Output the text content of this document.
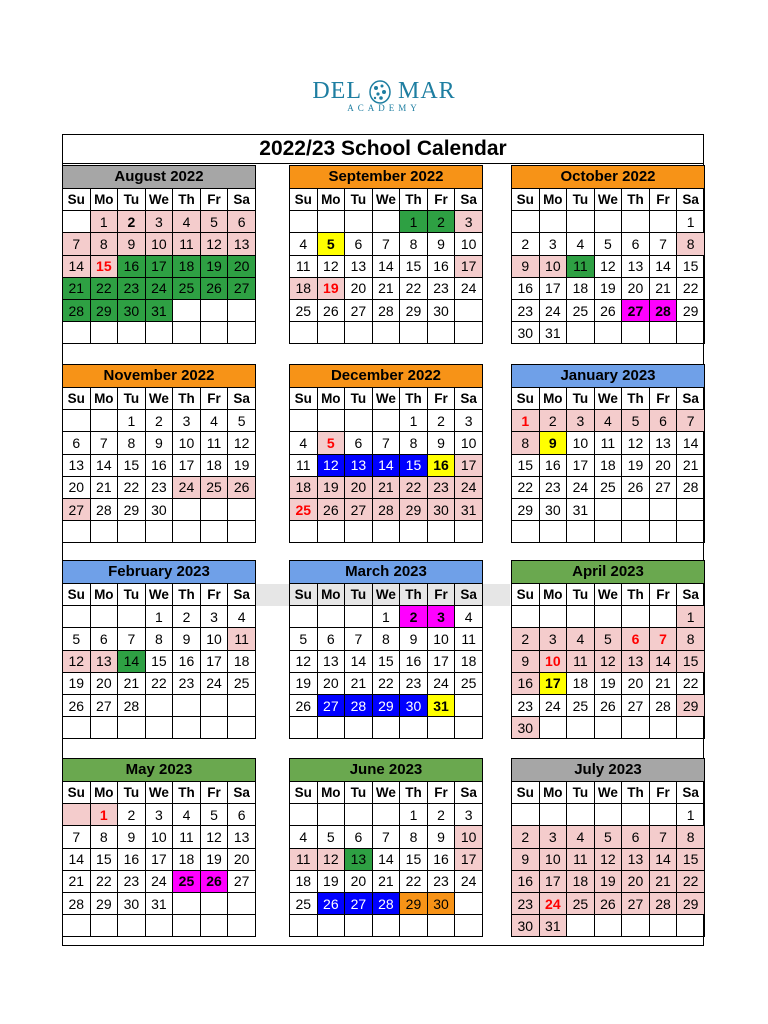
DEL MAR
ACADEMY
2022/23 School Calendar
August 2022						
Su	Mo	Tu	We	Th	Fr	Sa
	1	2	3	4	5	6
7	8	9	10	11	12	13
14	15	16	17	18	19	20
21	22	23	24	25	26	27
28	29	30	31			

September 2022						
Su	Mo	Tu	We	Th	Fr	Sa
				1	2	3
4	5	6	7	8	9	10
11	12	13	14	15	16	17
18	19	20	21	22	23	24
25	26	27	28	29	30	

October 2022						
Su	Mo	Tu	We	Th	Fr	Sa
						1
2	3	4	5	6	7	8
9	10	11	12	13	14	15
16	17	18	19	20	21	22
23	24	25	26	27	28	29
30	31					
November 2022						
Su	Mo	Tu	We	Th	Fr	Sa
		1	2	3	4	5
6	7	8	9	10	11	12
13	14	15	16	17	18	19
20	21	22	23	24	25	26
27	28	29	30			

December 2022						
Su	Mo	Tu	We	Th	Fr	Sa
				1	2	3
4	5	6	7	8	9	10
11	12	13	14	15	16	17
18	19	20	21	22	23	24
25	26	27	28	29	30	31

January 2023						
Su	Mo	Tu	We	Th	Fr	Sa
1	2	3	4	5	6	7
8	9	10	11	12	13	14
15	16	17	18	19	20	21
22	23	24	25	26	27	28
29	30	31				

February 2023						
Su	Mo	Tu	We	Th	Fr	Sa
			1	2	3	4
5	6	7	8	9	10	11
12	13	14	15	16	17	18
19	20	21	22	23	24	25
26	27	28				

March 2023						
Su	Mo	Tu	We	Th	Fr	Sa
			1	2	3	4
5	6	7	8	9	10	11
12	13	14	15	16	17	18
19	20	21	22	23	24	25
26	27	28	29	30	31	

April 2023						
Su	Mo	Tu	We	Th	Fr	Sa
						1
2	3	4	5	6	7	8
9	10	11	12	13	14	15
16	17	18	19	20	21	22
23	24	25	26	27	28	29
30						
May 2023						
Su	Mo	Tu	We	Th	Fr	Sa
	1	2	3	4	5	6
7	8	9	10	11	12	13
14	15	16	17	18	19	20
21	22	23	24	25	26	27
28	29	30	31			

June 2023						
Su	Mo	Tu	We	Th	Fr	Sa
				1	2	3
4	5	6	7	8	9	10
11	12	13	14	15	16	17
18	19	20	21	22	23	24
25	26	27	28	29	30	

July 2023						
Su	Mo	Tu	We	Th	Fr	Sa
						1
2	3	4	5	6	7	8
9	10	11	12	13	14	15
16	17	18	19	20	21	22
23	24	25	26	27	28	29
30	31					
